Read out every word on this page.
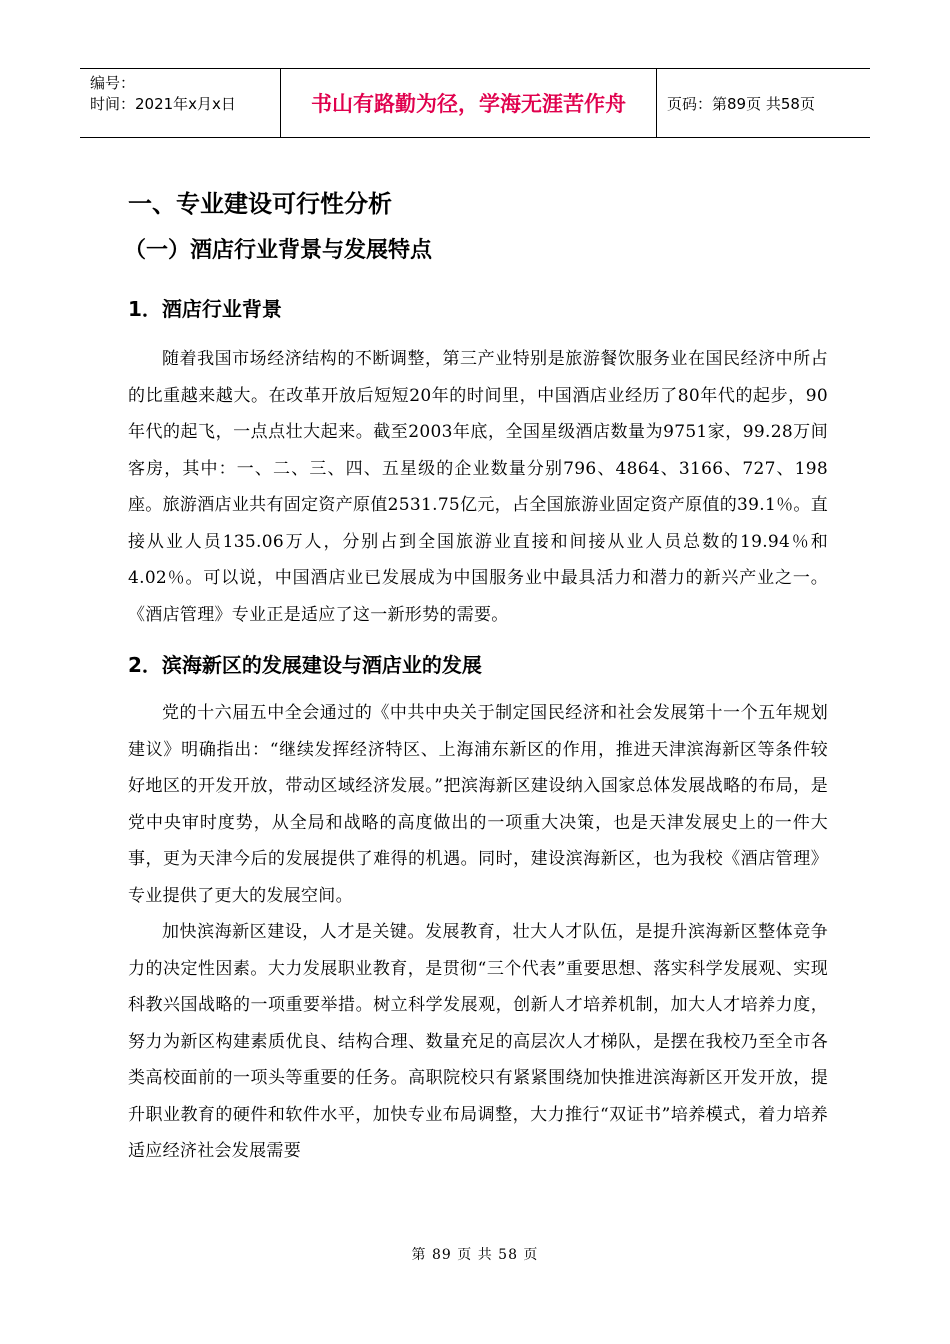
编号：
时间：2021年x月x日	书山有路勤为径，学海无涯苦作舟	页码：第89页 共58页
一、专业建设可行性分析
（一）酒店行业背景与发展特点
1．酒店行业背景

随着我国市场经济结构的不断调整，第三产业特别是旅游餐饮服务业在国民经济中所占的比重越来越大。在改革开放后短短20年的时间里，中国酒店业经历了80年代的起步，90年代的起飞，一点点壮大起来。截至2003年底，全国星级酒店数量为9751家，99.28万间客房，其中：一、二、三、四、五星级的企业数量分别796、4864、3166、727、198座。旅游酒店业共有固定资产原值2531.75亿元，占全国旅游业固定资产原值的39.1％。直接从业人员135.06万人，分别占到全国旅游业直接和间接从业人员总数的19.94％和4.02％。可以说，中国酒店业已发展成为中国服务业中最具活力和潜力的新兴产业之一。《酒店管理》专业正是适应了这一新形势的需要。

2．滨海新区的发展建设与酒店业的发展

党的十六届五中全会通过的《中共中央关于制定国民经济和社会发展第十一个五年规划建议》明确指出：“继续发挥经济特区、上海浦东新区的作用，推进天津滨海新区等条件较好地区的开发开放，带动区域经济发展。”把滨海新区建设纳入国家总体发展战略的布局，是党中央审时度势，从全局和战略的高度做出的一项重大决策，也是天津发展史上的一件大事，更为天津今后的发展提供了难得的机遇。同时，建设滨海新区，也为我校《酒店管理》专业提供了更大的发展空间。

加快滨海新区建设，人才是关键。发展教育，壮大人才队伍，是提升滨海新区整体竞争力的决定性因素。大力发展职业教育，是贯彻“三个代表”重要思想、落实科学发展观、实现科教兴国战略的一项重要举措。树立科学发展观，创新人才培养机制，加大人才培养力度，努力为新区构建素质优良、结构合理、数量充足的高层次人才梯队，是摆在我校乃至全市各类高校面前的一项头等重要的任务。高职院校只有紧紧围绕加快推进滨海新区开发开放，提升职业教育的硬件和软件水平，加快专业布局调整，大力推行“双证书”培养模式，着力培养适应经济社会发展需要

第 89 页 共 58 页
